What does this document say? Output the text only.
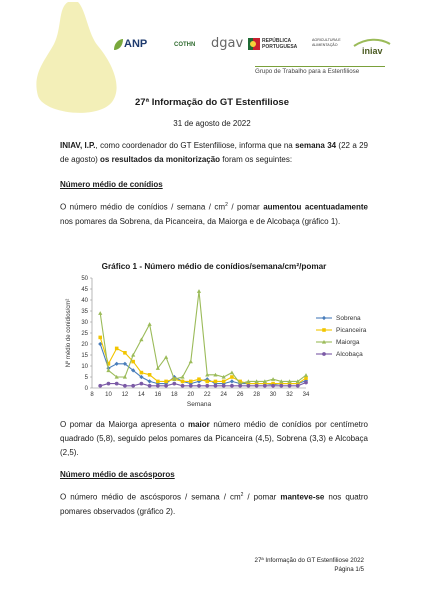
ANP	COTHN dgav	REPÚBLICA PORTUGUESA
AGRICULTURA E ALIMENTAÇÃO
iniav
Grupo de Trabalho para a Estenfiliose
27ª Informação do GT Estenfiliose
31 de agosto de 2022
INIAV, I.P., como coordenador do GT Estenfiliose, informa que na semana 34 (22 a 29 de agosto) os resultados da monitorização foram os seguintes:
Número médio de conídios
O número médio de conídios / semana / $cm^2$ / pomar aumentou acentuadamente nos pomares da Sobrena, da Picanceira, da Maiorga e de Alcobaça (gráfico 1).
Gráfico 1 - Número médio de conídios/semana/cm²/pomar
0
5
10
15
20
25
30
35
40
45
50
8 10 12 14 16 18 20 22 24 26 28 30 32 34
Semana
Nº médio de conídios/cm²	Sobrena
Picanceira
Maiorga
Alcobaça
O pomar da Maiorga apresenta o maior número médio de conídios por centímetro quadrado (5,8), seguido pelos pomares da Picanceira (4,5), Sobrena (3,3) e Alcobaça (2,5).
Número médio de ascósporos
O número médio de ascósporos / semana / $cm^2$ / pomar manteve-se nos quatro pomares observados (gráfico 2).
27ª Informação do GT Estenfiliose 2022
Página 1/5
